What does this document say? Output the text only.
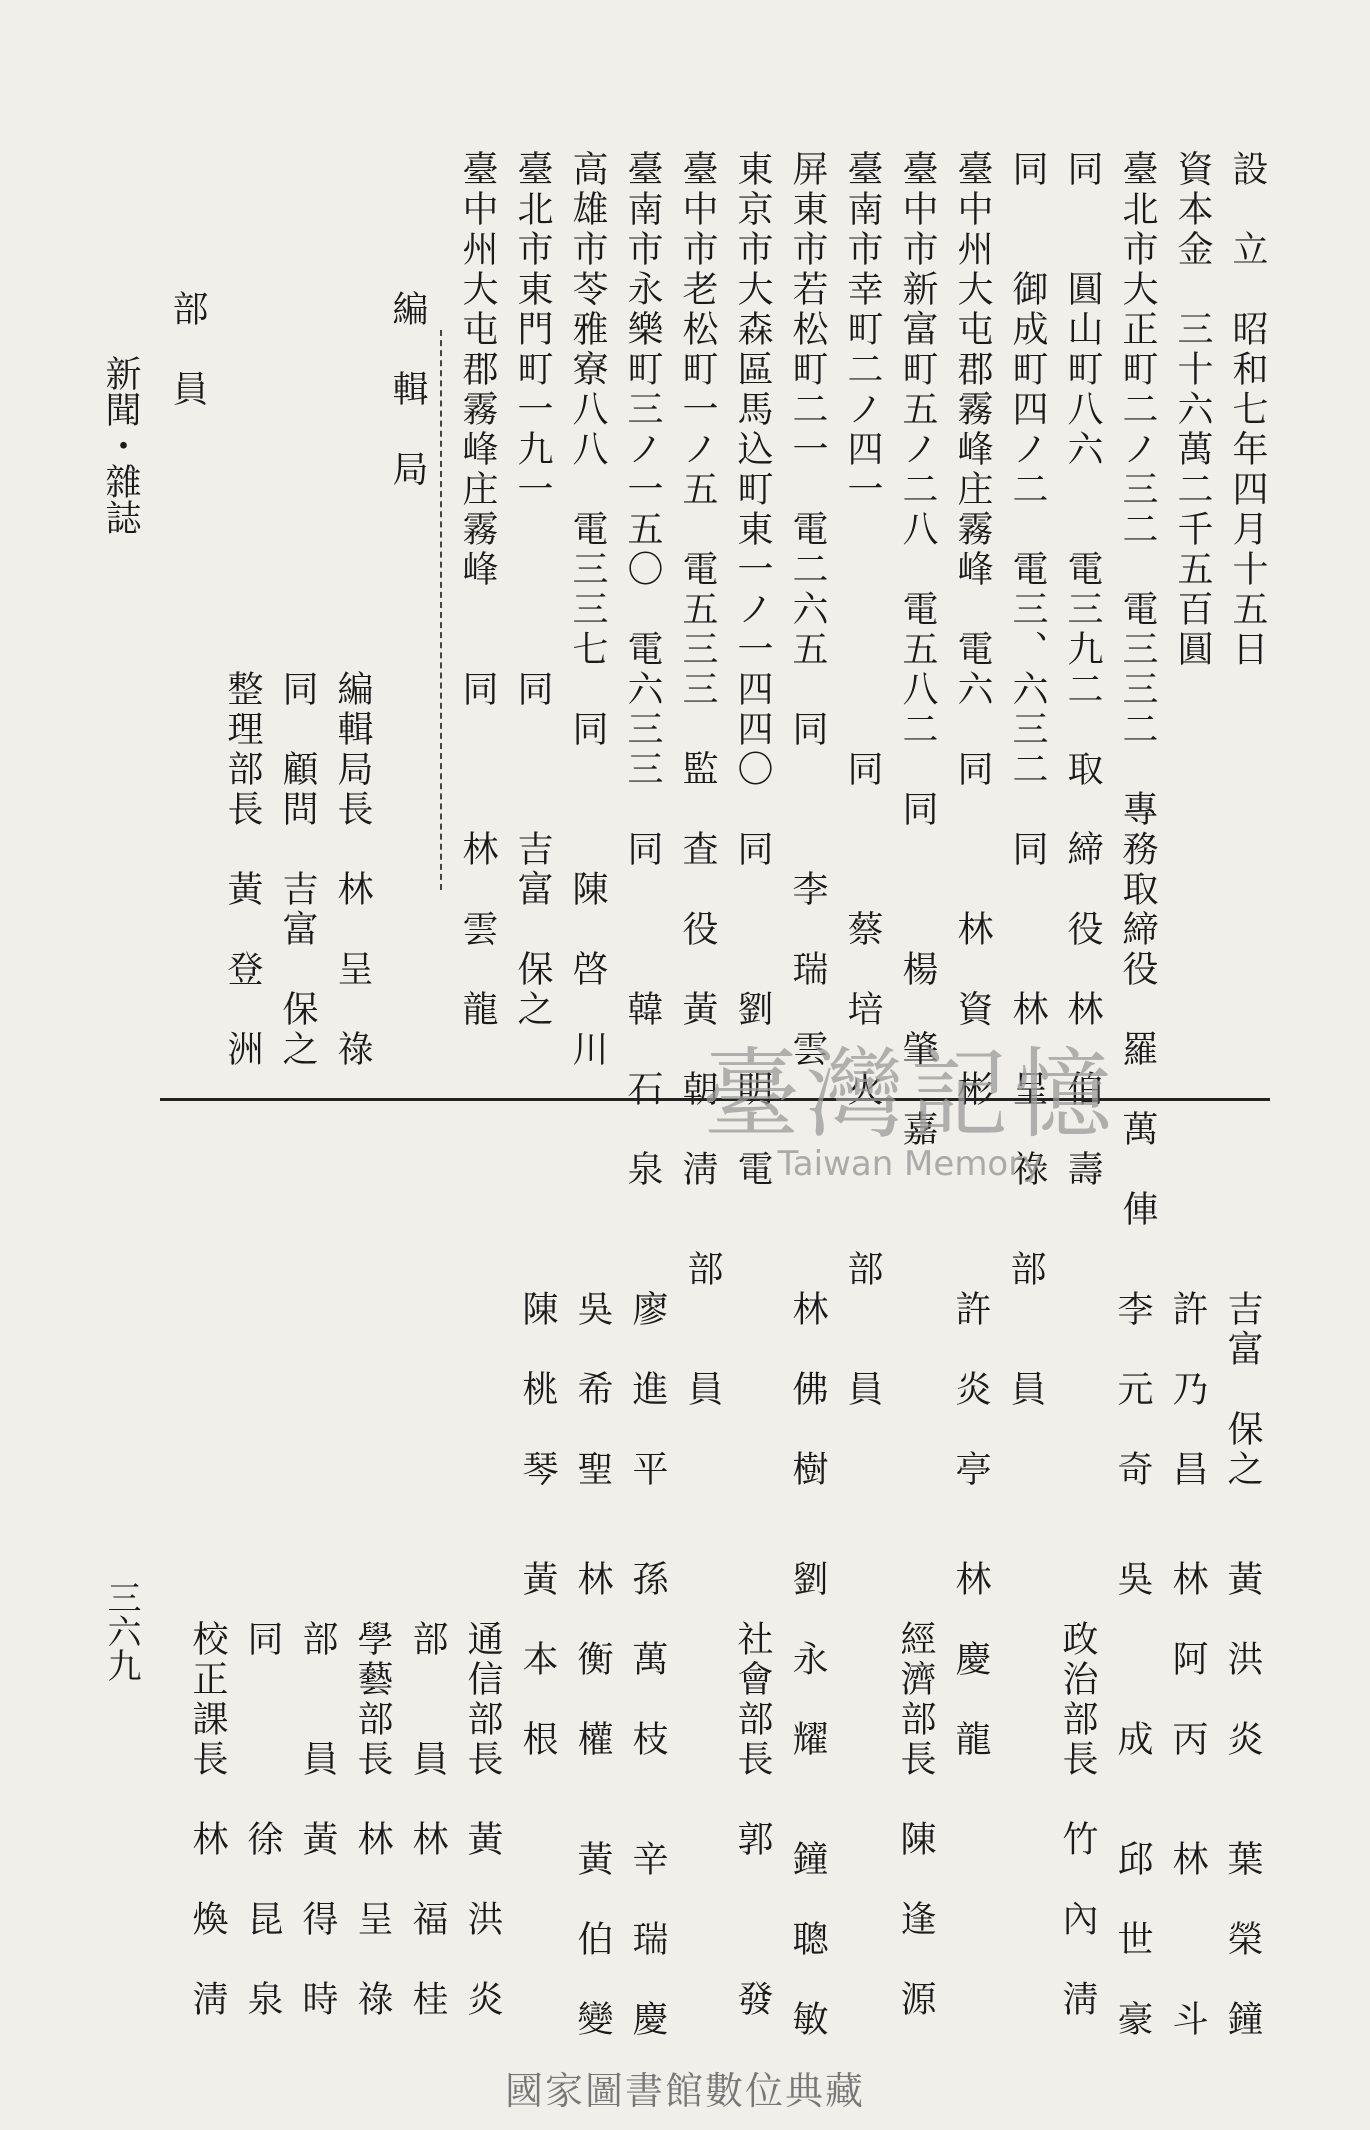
設　立　昭和七年四月十五日
資本金　三十六萬二千五百圓
臺北市大正町二ノ三二　電三三二　專務取締役　羅　萬　俥
同　　圓山町八六　　電三九二　取　締　役　林　伯　壽
同　　御成町四ノ二　電三、六三二　同　　　林　呈　祿
臺中州大屯郡霧峰庄霧峰　電六　同　　　林　資　彬
臺中市新富町五ノ二八　電五八二　同　　　楊　肇　嘉
臺南市幸町二ノ四一　　　　　　同　　　蔡　培　火
屏東市若松町二一　電二六五　同　　　李　瑞　雲
東京市大森區馬込町東一ノ一四四〇　同　　　劉　明　電
臺中市老松町一ノ五　電五三三　監　査　役　黃　朝　淸
臺南市永樂町三ノ一五〇　電六三三　同　　　韓　石　泉
高雄市苓雅寮八八　電三三七　同　　　陳　啓　川
臺北市東門町一九一　　　　同　　　吉富　保之
臺中州大屯郡霧峰庄霧峰　　同　　　林　雲　龍
編　輯　局
編輯局長　林　呈　祿
同　顧問　吉富　保之
整理部長　黃　登　洲
部　員
新聞・雜誌
臺灣記憶
Taiwan Memory
吉富　保之
許　乃　昌
李　元　奇
部　　員
許　炎　亭
部　　員
林　佛　樹
部　　員
廖　進　平
吳　希　聖
陳　桃　琴
黃　洪　炎　　葉　榮　鐘
林　阿　丙　　林　　　斗
吳　　　成　　邱　世　豪
政治部長　竹　內　淸
林　慶　龍
經濟部長　陳　逢　源
劉　永　耀　　鐘　聰　敏
社會部長　郭　　　發
孫　萬　枝　　辛　瑞　慶
林　衡　權　　黃　伯　變
黃　本　根
通信部長　黃　洪　炎
部　　員　林　福　桂
學藝部長　林　呈　祿
部　　員　黃　得　時
同　　　　徐　昆　泉
校正課長　林　煥　淸
三六九
國家圖書館數位典藏
